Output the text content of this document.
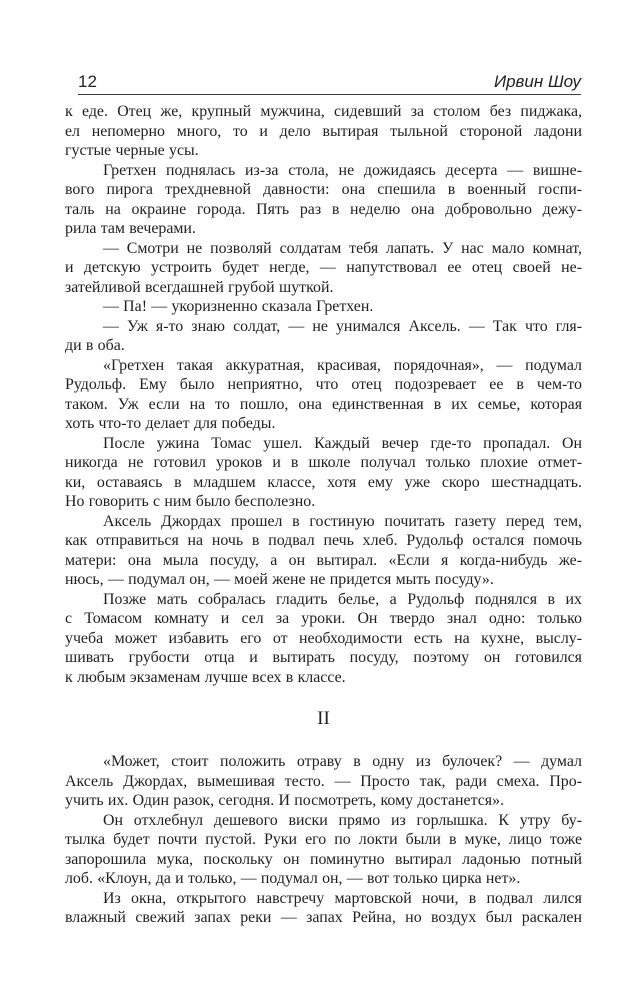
12	Ирвин Шоу

к еде. Отец же, крупный мужчина, сидевший за столом без пиджака,
ел непомерно много, то и дело вытирая тыльной стороной ладони
густые черные усы.

Гретхен поднялась из-за стола, не дожидаясь десерта — вишне-
вого пирога трехдневной давности: она спешила в военный госпи-
таль на окраине города. Пять раз в неделю она добровольно дежу-
рила там вечерами.

— Смотри не позволяй солдатам тебя лапать. У нас мало комнат,
и детскую устроить будет негде, — напутствовал ее отец своей не-
затейливой всегдашней грубой шуткой.

— Па! — укоризненно сказала Гретхен.

— Уж я-то знаю солдат, — не унимался Аксель. — Так что гля-
ди в оба.

«Гретхен такая аккуратная, красивая, порядочная», — подумал
Рудольф. Ему было неприятно, что отец подозревает ее в чем-то
таком. Уж если на то пошло, она единственная в их семье, которая
хоть что-то делает для победы.

После ужина Томас ушел. Каждый вечер где-то пропадал. Он
никогда не готовил уроков и в школе получал только плохие отмет-
ки, оставаясь в младшем классе, хотя ему уже скоро шестнадцать.
Но говорить с ним было бесполезно.

Аксель Джордах прошел в гостиную почитать газету перед тем,
как отправиться на ночь в подвал печь хлеб. Рудольф остался помочь
матери: она мыла посуду, а он вытирал. «Если я когда-нибудь же-
нюсь, — подумал он, — моей жене не придется мыть посуду».

Позже мать собралась гладить белье, а Рудольф поднялся в их
с Томасом комнату и сел за уроки. Он твердо знал одно: только
учеба может избавить его от необходимости есть на кухне, выслу-
шивать грубости отца и вытирать посуду, поэтому он готовился
к любым экзаменам лучше всех в классе.

II

«Может, стоит положить отраву в одну из булочек? — думал
Аксель Джордах, вымешивая тесто. — Просто так, ради смеха. Про-
учить их. Один разок, сегодня. И посмотреть, кому достанется».

Он отхлебнул дешевого виски прямо из горлышка. К утру бу-
тылка будет почти пустой. Руки его по локти были в муке, лицо тоже
запорошила мука, поскольку он поминутно вытирал ладонью потный
лоб. «Клоун, да и только, — подумал он, — вот только цирка нет».

Из окна, открытого навстречу мартовской ночи, в подвал лился
влажный свежий запах реки — запах Рейна, но воздух был раскален
